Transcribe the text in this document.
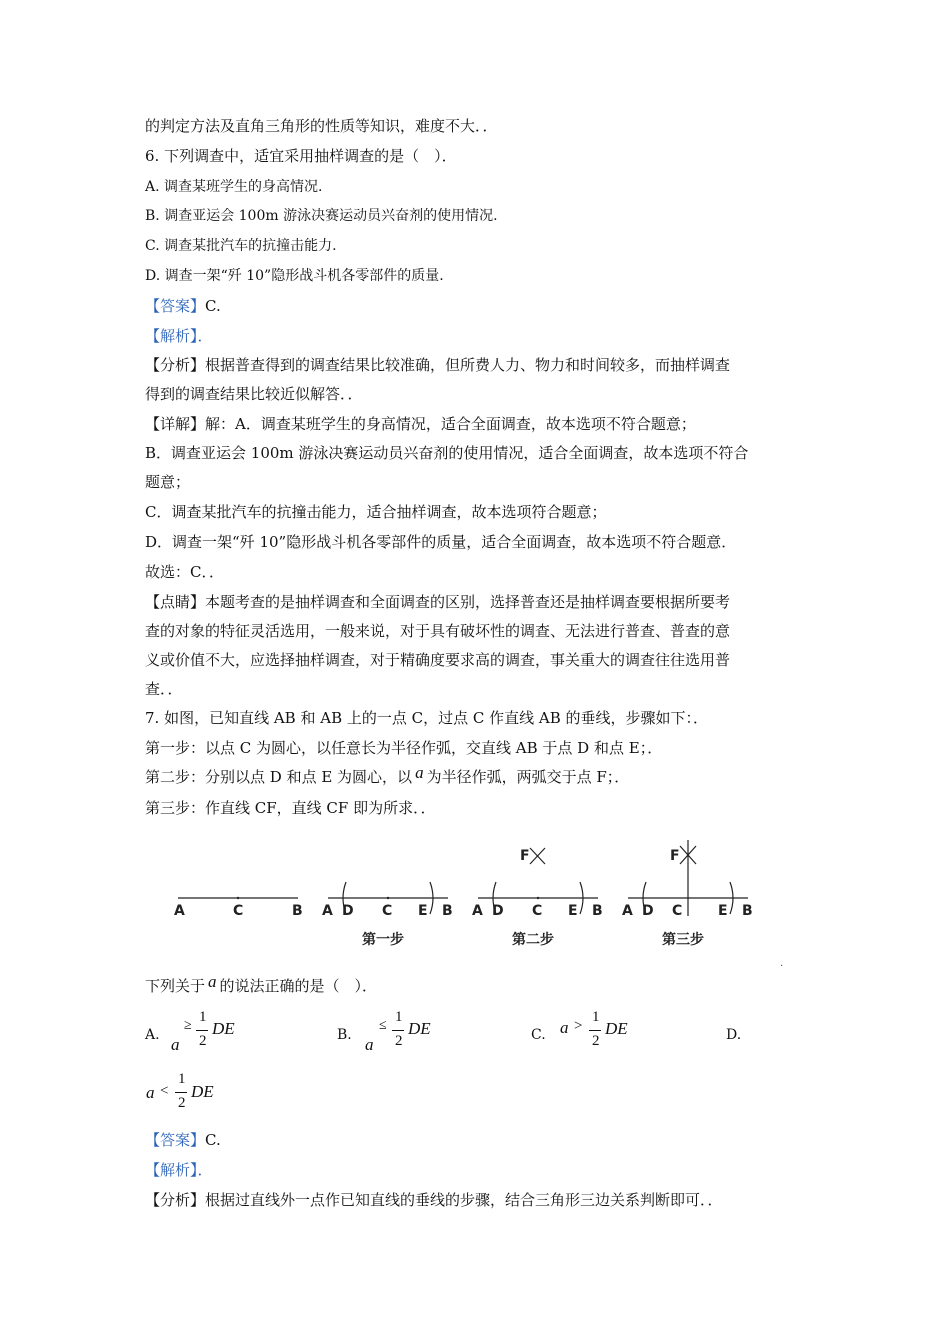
的判定方法及直角三角形的性质等知识，难度不大．．
6. 下列调查中，适宜采用抽样调查的是（　）．
A. 调查某班学生的身高情况.
B. 调查亚运会 100m 游泳决赛运动员兴奋剂的使用情况.
C. 调查某批汽车的抗撞击能力.
D. 调查一架“歼 10”隐形战斗机各零部件的质量.
【答案】C.
【解析】．
【分析】根据普查得到的调查结果比较准确，但所费人力、物力和时间较多，而抽样调查
得到的调查结果比较近似解答．．
【详解】解：A．调查某班学生的身高情况，适合全面调查，故本选项不符合题意；
B．调查亚运会 100m 游泳决赛运动员兴奋剂的使用情况，适合全面调查，故本选项不符合
题意；
C．调查某批汽车的抗撞击能力，适合抽样调查，故本选项符合题意；
D．调查一架“歼 10”隐形战斗机各零部件的质量，适合全面调查，故本选项不符合题意．
故选：C．．
【点睛】本题考查的是抽样调查和全面调查的区别，选择普查还是抽样调查要根据所要考
查的对象的特征灵活选用，一般来说，对于具有破坏性的调查、无法进行普查、普查的意
义或价值不大，应选择抽样调查，对于精确度要求高的调查，事关重大的调查往往选用普
查．．
7. 如图，已知直线 AB 和 AB 上的一点 C，过点 C 作直线 AB 的垂线，步骤如下：．
第一步：以点 C 为圆心，以任意长为半径作弧，交直线 AB 于点 D 和点 E；．
第二步：分别以点 D 和点 E 为圆心，以 a 为半径作弧，两弧交于点 F；．
第三步：作直线 CF，直线 CF 即为所求．．
A	C	B A D C E B
F
A D C E B
F
A D C	E B
第一步	第二步	第三步
.
下列关于 a 的说法正确的是（　）．
A. a
≥
1
2
DE	B. a
≤
1
2
DE	C. a >
1
2
DE	D.
a <
1
2
DE
【答案】C.
【解析】．
【分析】根据过直线外一点作已知直线的垂线的步骤，结合三角形三边关系判断即可．．
